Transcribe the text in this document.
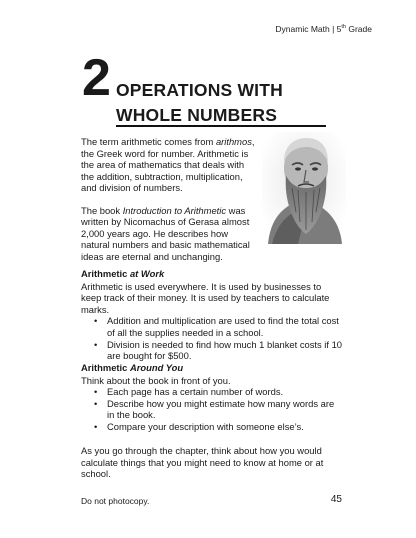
Dynamic Math | 5th Grade
2 OPERATIONS WITH
WHOLE NUMBERS

The term arithmetic comes from arithmos, the Greek word for number. Arithmetic is the area of mathematics that deals with the addition, subtraction, multiplication, and division of numbers.

The book Introduction to Arithmetic was written by Nicomachus of Gerasa almost 2,000 years ago. He describes how natural numbers and basic mathematical ideas are eternal and unchanging.

Arithmetic at Work

Arithmetic is used everywhere. It is used by businesses to keep track of their money. It is used by teachers to calculate marks.

• Addition and multiplication are used to find the total cost of all the supplies needed in a school.
• Division is needed to find how much 1 blanket costs if 10 are bought for $500.
Arithmetic Around You

Think about the book in front of you.

• Each page has a certain number of words.
• Describe how you might estimate how many words are in the book.
• Compare your description with someone else’s.

As you go through the chapter, think about how you would calculate things that you might need to know at home or at school.

Do not photocopy.	45
